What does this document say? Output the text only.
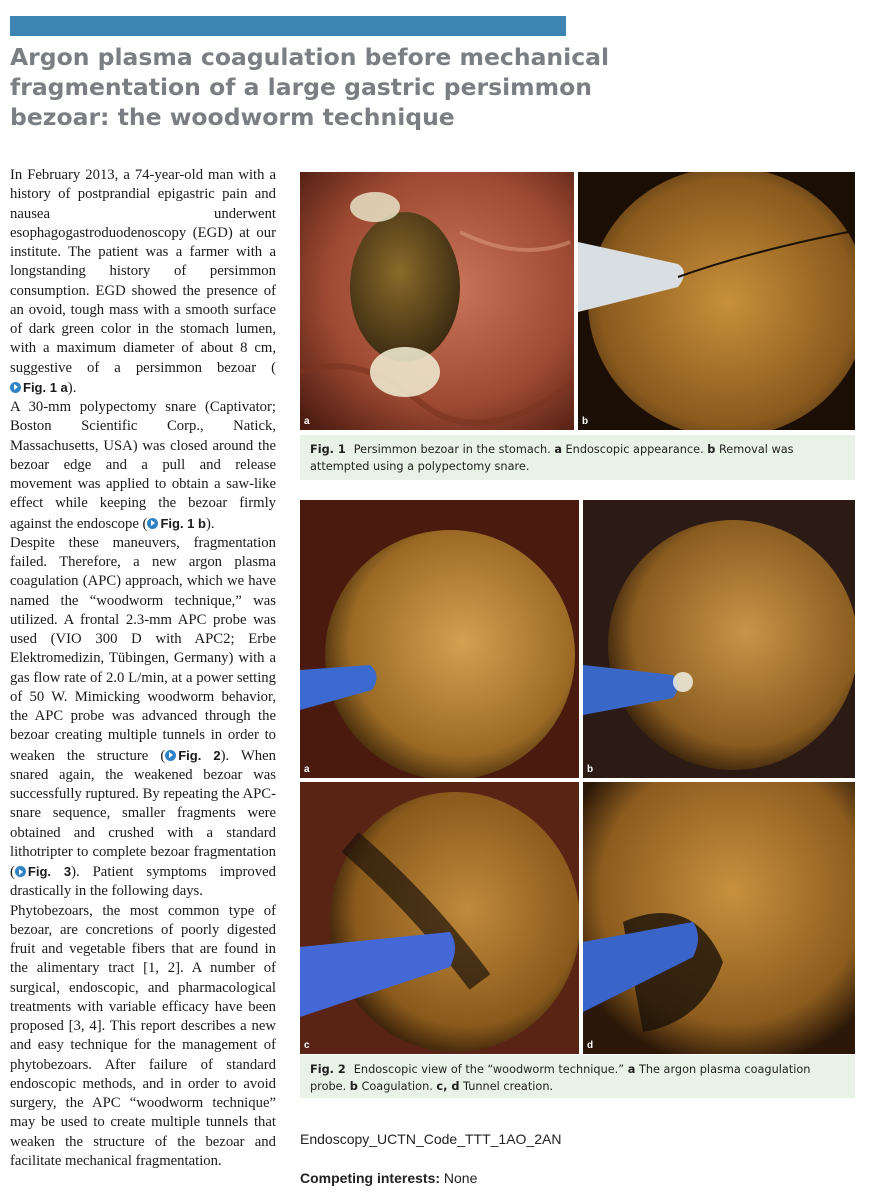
Argon plasma coagulation before mechanical fragmentation of a large gastric persimmon bezoar: the woodworm technique

In February 2013, a 74-year-old man with a history of postprandial epigastric pain and nausea underwent esophagogastroduodenoscopy (EGD) at our institute. The patient was a farmer with a longstanding history of persimmon consumption. EGD showed the presence of an ovoid, tough mass with a smooth surface of dark green color in the stomach lumen, with a maximum diameter of about 8 cm, suggestive of a persimmon bezoar (Fig. 1 a).

A 30-mm polypectomy snare (Captivator; Boston Scientific Corp., Natick, Massachusetts, USA) was closed around the bezoar edge and a pull and release movement was applied to obtain a saw-like effect while keeping the bezoar firmly against the endoscope ( Fig. 1 b).

Despite these maneuvers, fragmentation failed. Therefore, a new argon plasma coagulation (APC) approach, which we have named the “woodworm technique,” was utilized. A frontal 2.3-mm APC probe was used (VIO 300 D with APC2; Erbe Elektromedizin, Tübingen, Germany) with a gas flow rate of 2.0 L/min, at a power setting of 50 W. Mimicking woodworm behavior, the APC probe was advanced through the bezoar creating multiple tunnels in order to weaken the structure ( Fig. 2). When snared again, the weakened bezoar was successfully ruptured. By repeating the APC-snare sequence, smaller fragments were obtained and crushed with a standard lithotripter to complete bezoar fragmentation ( Fig. 3). Patient symptoms improved drastically in the following days.

Phytobezoars, the most common type of bezoar, are concretions of poorly digested fruit and vegetable fibers that are found in the alimentary tract [1, 2]. A number of surgical, endoscopic, and pharmacological treatments with variable efficacy have been proposed [3, 4]. This report describes a new and easy technique for the management of phytobezoars. After failure of standard endoscopic methods, and in order to avoid surgery, the APC “woodworm technique” may be used to create multiple tunnels that weaken the structure of the bezoar and facilitate mechanical fragmentation.

a	b
Fig. 1 Persimmon bezoar in the stomach. a Endoscopic appearance. b Removal was attempted using a polypectomy snare.
a	b
c	d
Fig. 2 Endoscopic view of the “woodworm technique.” a The argon plasma coagulation probe. b Coagulation. c, d Tunnel creation.
Endoscopy_UCTN_Code_TTT_1AO_2AN
Competing interests: None
